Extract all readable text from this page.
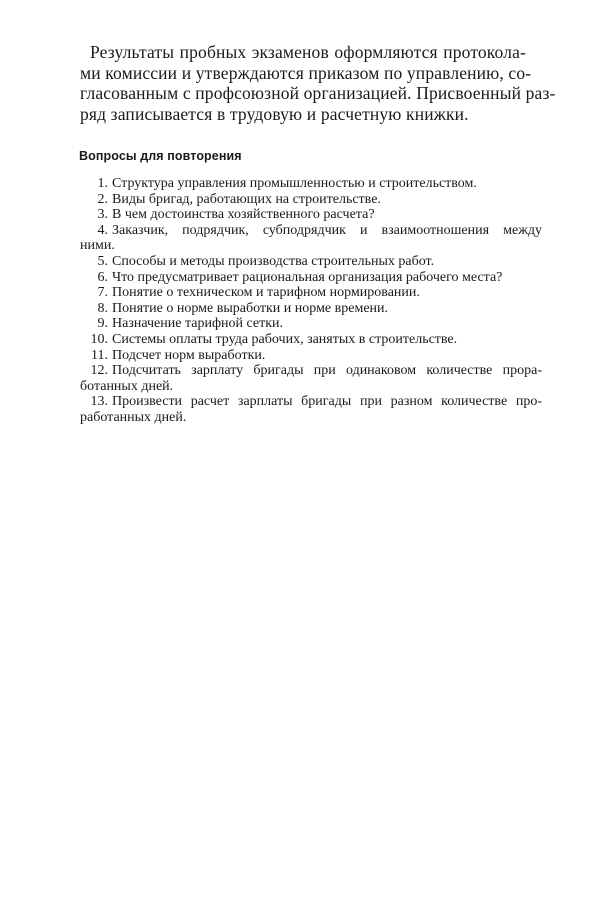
Результаты пробных экзаменов оформляются протокола-
ми комиссии и утверждаются приказом по управлению, со-
гласованным с профсоюзной организацией. Присвоенный раз-
ряд записывается в трудовую и расчетную книжки.
Вопросы для повторения
1. Структура управления промышленностью и строительством.
2. Виды бригад, работающих на строительстве.
3. В чем достоинства хозяйственного расчета?
4. Заказчик, подрядчик, субподрядчик и взаимоотношения между
ними.
5. Способы и методы производства строительных работ.
6. Что предусматривает рациональная организация рабочего места?
7. Понятие о техническом и тарифном нормировании.
8. Понятие о норме выработки и норме времени.
9. Назначение тарифной сетки.
10. Системы оплаты труда рабочих, занятых в строительстве.
11. Подсчет норм выработки.
12. Подсчитать зарплату бригады при одинаковом количестве прора-
ботанных дней.
13. Произвести расчет зарплаты бригады при разном количестве про-
работанных дней.
